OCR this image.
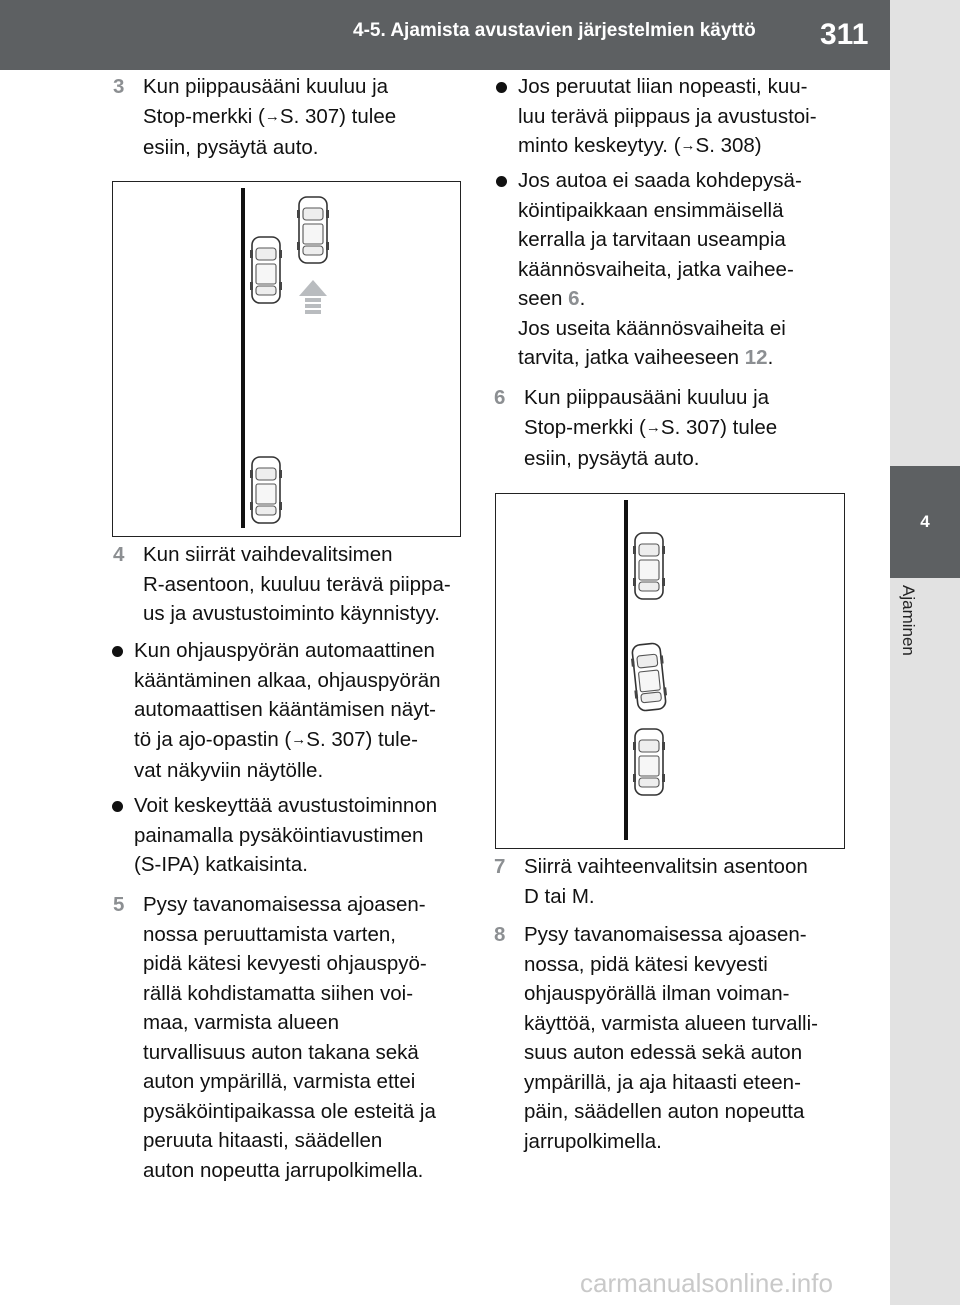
4-5. Ajamista avustavien järjestelmien käyttö 311
4
Ajaminen
3 Kun piippausääni kuuluu ja
Stop-merkki (→S. 307) tulee
esiin, pysäytä auto.
4 Kun siirrät vaihdevalitsimen
R-asentoon, kuuluu terävä piippa-
us ja avustustoiminto käynnistyy.
Kun ohjauspyörän automaattinen
kääntäminen alkaa, ohjauspyörän
automaattisen kääntämisen näyt-
tö ja ajo-opastin (→S. 307) tule-
vat näkyviin näytölle.
Voit keskeyttää avustustoiminnon
painamalla pysäköintiavustimen
(S-IPA) katkaisinta.
5 Pysy tavanomaisessa ajoasen-
nossa peruuttamista varten,
pidä kätesi kevyesti ohjauspyö-
rällä kohdistamatta siihen voi-
maa, varmista alueen
turvallisuus auton takana sekä
auton ympärillä, varmista ettei
pysäköintipaikassa ole esteitä ja
peruuta hitaasti, säädellen
auton nopeutta jarrupolkimella.
Jos peruutat liian nopeasti, kuu-
luu terävä piippaus ja avustustoi-
minto keskeytyy. (→S. 308)
Jos autoa ei saada kohdepysä-
köintipaikkaan ensimmäisellä
kerralla ja tarvitaan useampia
käännösvaiheita, jatka vaihee-
seen 6.
Jos useita käännösvaiheita ei
tarvita, jatka vaiheeseen 12.
6 Kun piippausääni kuuluu ja
Stop-merkki (→S. 307) tulee
esiin, pysäytä auto.
7 Siirrä vaihteenvalitsin asentoon
D tai M.
8 Pysy tavanomaisessa ajoasen-
nossa, pidä kätesi kevyesti
ohjauspyörällä ilman voiman-
käyttöä, varmista alueen turvalli-
suus auton edessä sekä auton
ympärillä, ja aja hitaasti eteen-
päin, säädellen auton nopeutta
jarrupolkimella.
carmanualsonline.info
